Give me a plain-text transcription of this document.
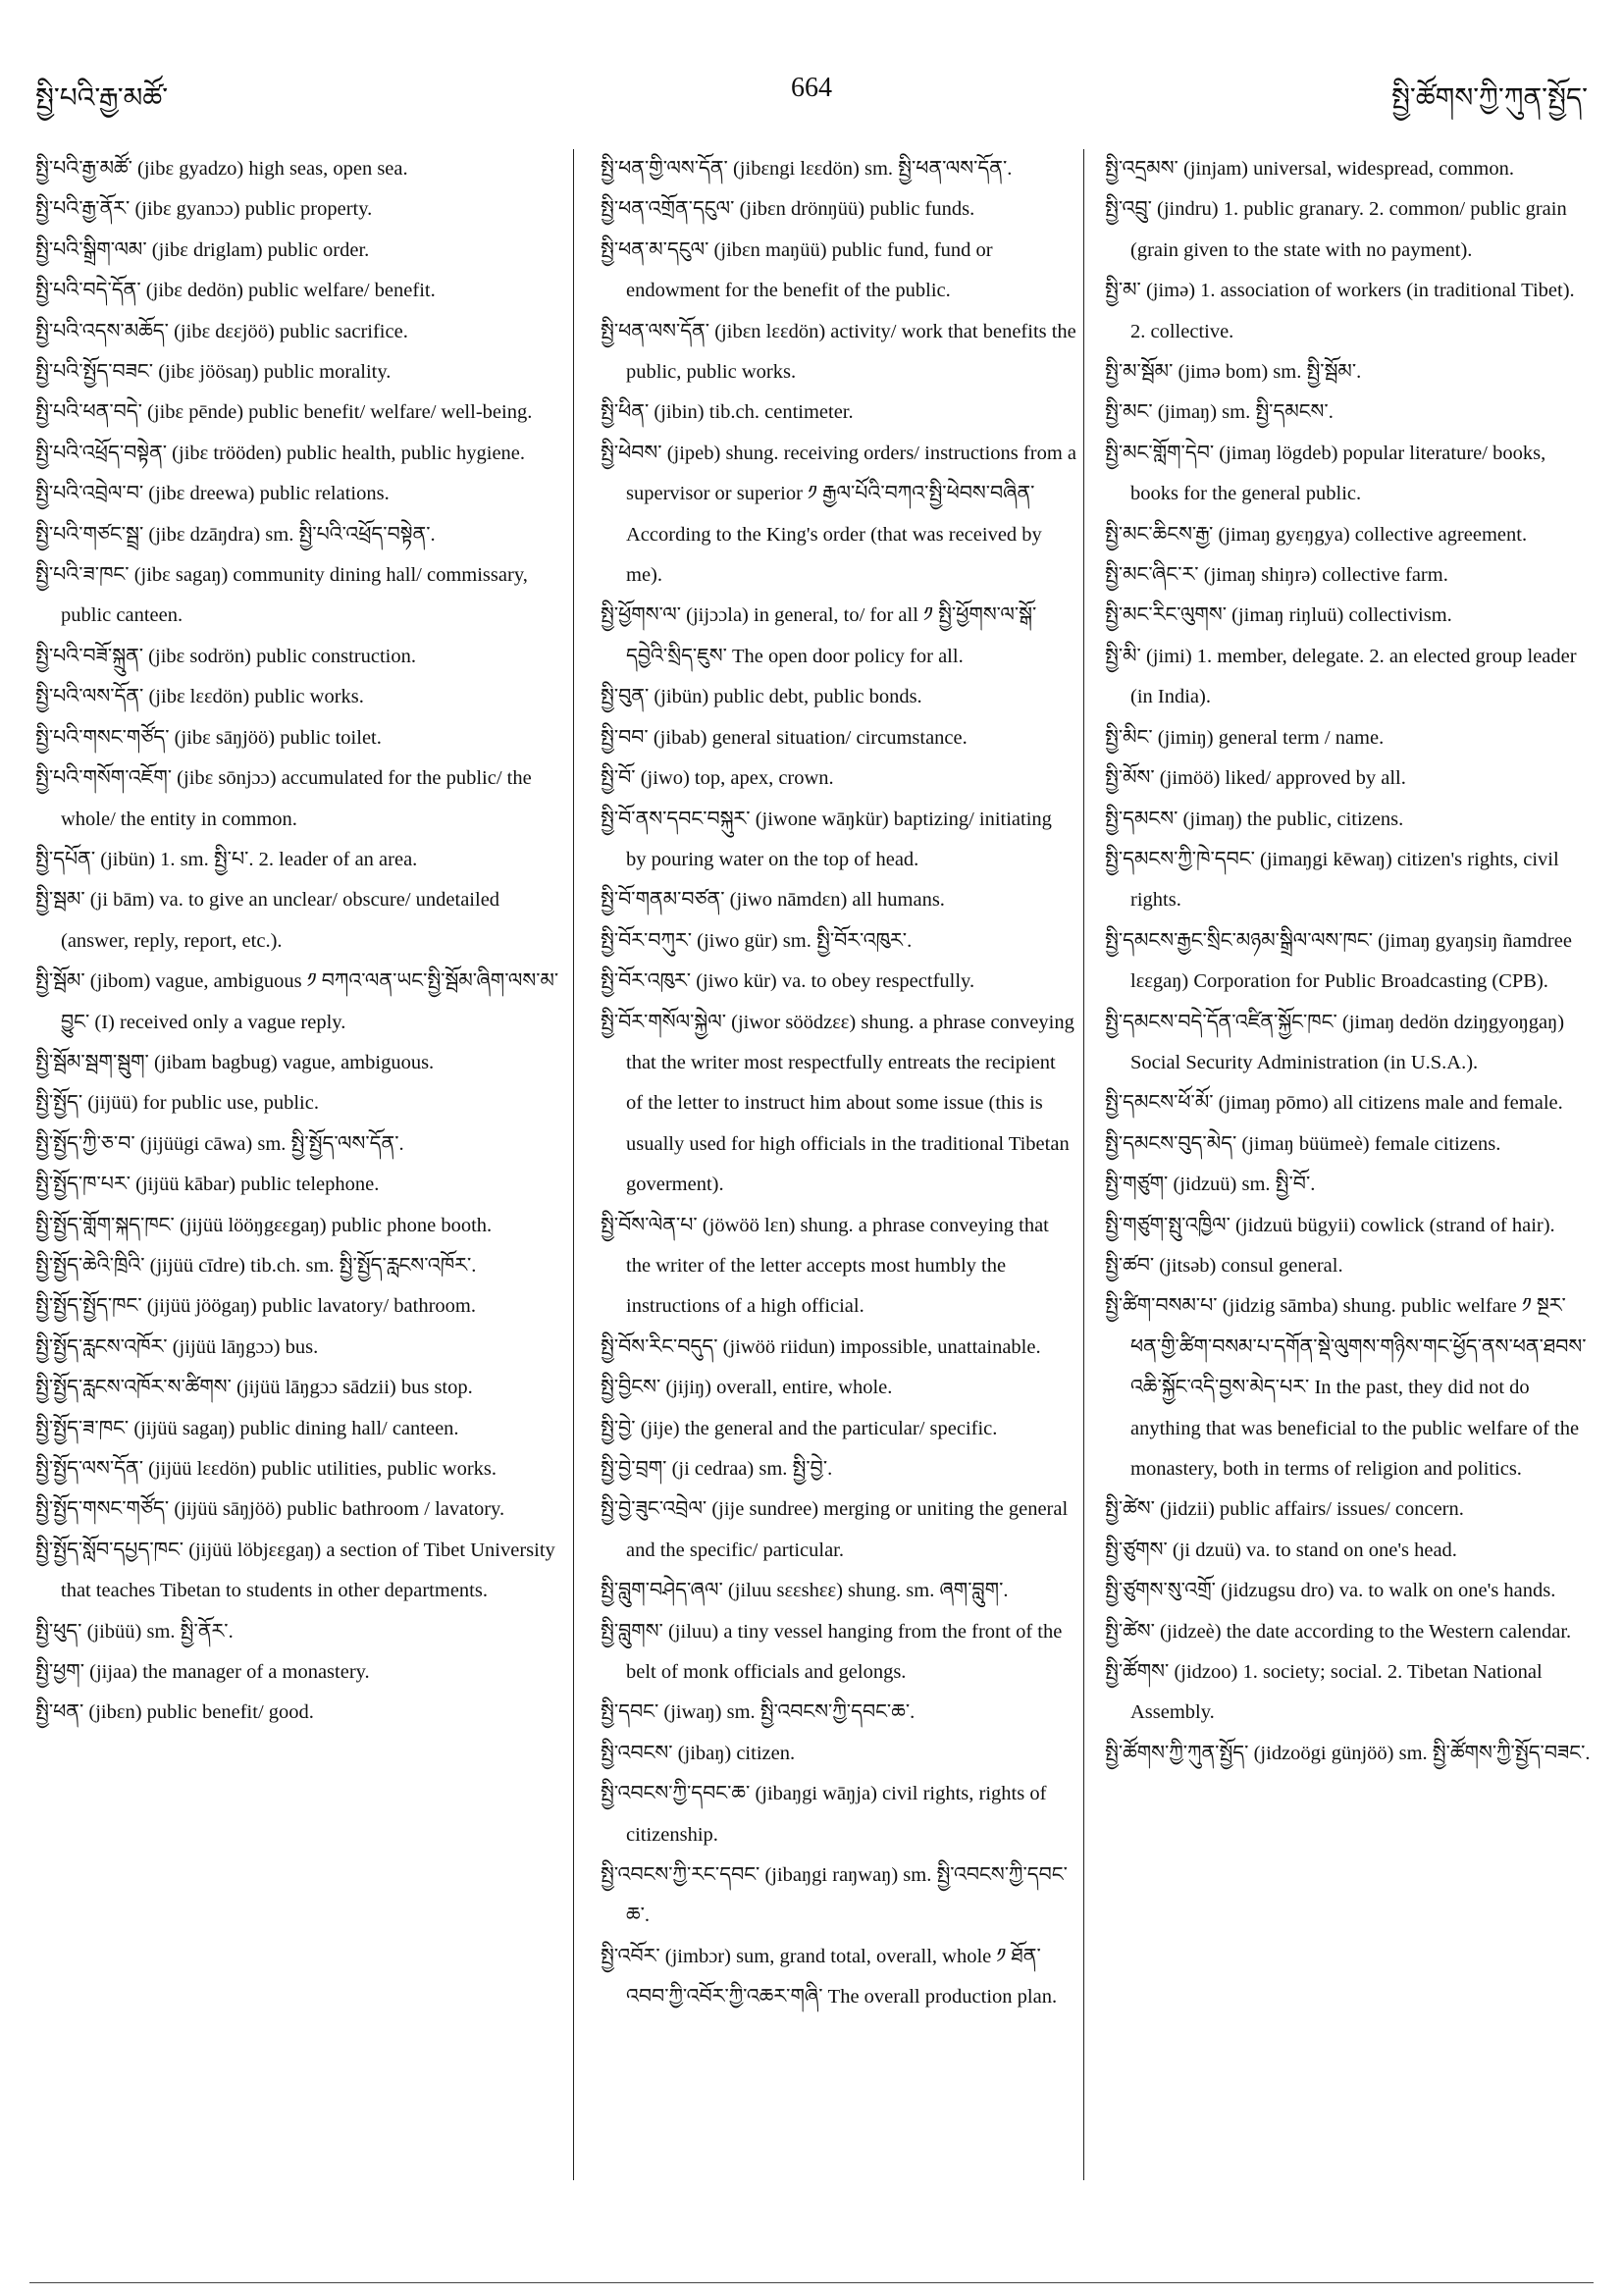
སྤྱི་པའི་རྒྱ་མཚོ་	664	སྤྱི་ཚོགས་ཀྱི་ཀུན་སྤྱོད་

སྤྱི་པའི་རྒྱ་མཚོ་ (jibɛ gyadzo) high seas, open sea.

སྤྱི་པའི་རྒྱ་ནོར་ (jibɛ gyanɔɔ) public property.

སྤྱི་པའི་སྒྲིག་ལམ་ (jibɛ driglam) public order.

སྤྱི་པའི་བདེ་དོན་ (jibɛ dedön) public welfare/ benefit.

སྤྱི་པའི་འདས་མཆོད་ (jibɛ dɛɛjöö) public sacrifice.

སྤྱི་པའི་སྤྱོད་བཟང་ (jibɛ jöösaŋ) public morality.

སྤྱི་པའི་ཕན་བདེ་ (jibɛ pēnde) public benefit/ welfare/ well-being.

སྤྱི་པའི་འཕྲོད་བསྟེན་ (jibɛ trööden) public health, public hygiene.

སྤྱི་པའི་འབྲེལ་བ་ (jibɛ dreewa) public relations.

སྤྱི་པའི་གཙང་སྦྲ་ (jibɛ dzāŋdra) sm. སྤྱི་པའི་འཕྲོད་བསྟེན་.

སྤྱི་པའི་ཟ་ཁང་ (jibɛ sagaŋ) community dining hall/ commissary, public canteen.

སྤྱི་པའི་བཟོ་སྐྲུན་ (jibɛ sodrön) public construction.

སྤྱི་པའི་ལས་དོན་ (jibɛ lɛɛdön) public works.

སྤྱི་པའི་གསང་གཙོད་ (jibɛ sāŋjöö) public toilet.

སྤྱི་པའི་གསོག་འཇོག་ (jibɛ sōnjɔɔ) accumulated for the public/ the whole/ the entity in common.

སྤྱི་དཔོན་ (jibün) 1. sm. སྤྱི་པ་. 2. leader of an area.

སྤྱི་སྦམ་ (ji bām) va. to give an unclear/ obscure/ undetailed (answer, reply, report, etc.).

སྤྱི་སྦོམ་ (jibom) vague, ambiguous ༡ བཀའ་ལན་ཡང་སྤྱི་སྦོམ་ཞིག་ལས་མ་བྱུང་ (I) received only a vague reply.

སྤྱི་སྦོམ་སྦག་སྦུག་ (jibam bagbug) vague, ambiguous.

སྤྱི་སྤྱོད་ (jijüü) for public use, public.

སྤྱི་སྤྱོད་ཀྱི་ཅ་བ་ (jijüügi cāwa) sm. སྤྱི་སྤྱོད་ལས་དོན་.

སྤྱི་སྤྱོད་ཁ་པར་ (jijüü kābar) public telephone.

སྤྱི་སྤྱོད་གློག་སྐད་ཁང་ (jijüü lööŋgɛɛgaŋ) public phone booth.

སྤྱི་སྤྱོད་ཆེའི་ཁྲིའི་ (jijüü cīdre) tib.ch. sm. སྤྱི་སྤྱོད་རླངས་འཁོར་.

སྤྱི་སྤྱོད་སྤྱོད་ཁང་ (jijüü jöögaŋ) public lavatory/ bathroom.

སྤྱི་སྤྱོད་རླངས་འཁོར་ (jijüü lāŋgɔɔ) bus.

སྤྱི་སྤྱོད་རླངས་འཁོར་ས་ཚིགས་ (jijüü lāŋgɔɔ sādzii) bus stop.

སྤྱི་སྤྱོད་ཟ་ཁང་ (jijüü sagaŋ) public dining hall/ canteen.

སྤྱི་སྤྱོད་ལས་དོན་ (jijüü lɛɛdön) public utilities, public works.

སྤྱི་སྤྱོད་གསང་གཙོད་ (jijüü sāŋjöö) public bathroom / lavatory.

སྤྱི་སྤྱོད་སློབ་དཔྱད་ཁང་ (jijüü löbjɛɛgaŋ) a section of Tibet University that teaches Tibetan to students in other departments.

སྤྱི་ཕུད་ (jibüü) sm. སྤྱི་ནོར་.

སྤྱི་ཕྱག་ (jijaa) the manager of a monastery.

སྤྱི་ཕན་ (jibɛn) public benefit/ good.

སྤྱི་ཕན་གྱི་ལས་དོན་ (jibɛngi lɛɛdön) sm. སྤྱི་ཕན་ལས་དོན་.

སྤྱི་ཕན་འགྲོན་དངུལ་ (jibɛn drönŋüü) public funds.

སྤྱི་ཕན་མ་དངུལ་ (jibɛn maŋüü) public fund, fund or endowment for the benefit of the public.

སྤྱི་ཕན་ལས་དོན་ (jibɛn lɛɛdön) activity/ work that benefits the public, public works.

སྤྱི་ཕིན་ (jibin) tib.ch. centimeter.

སྤྱི་ཕེབས་ (jipeb) shung. receiving orders/ instructions from a supervisor or superior ༡ རྒྱལ་པོའི་བཀའ་སྤྱི་ཕེབས་བཞིན་ According to the King's order (that was received by me).

སྤྱི་ཕྱོགས་ལ་ (jijɔɔla) in general, to/ for all ༡ སྤྱི་ཕྱོགས་ལ་སྒོ་དབྱེའི་སྲིད་ཇུས་ The open door policy for all.

སྤྱི་བུན་ (jibün) public debt, public bonds.

སྤྱི་བབ་ (jibab) general situation/ circumstance.

སྤྱི་བོ་ (jiwo) top, apex, crown.

སྤྱི་བོ་ནས་དབང་བསྐུར་ (jiwone wāŋkür) baptizing/ initiating by pouring water on the top of head.

སྤྱི་བོ་གནམ་བཙན་ (jiwo nāmdɛn) all humans.

སྤྱི་བོར་བཀུར་ (jiwo gür) sm. སྤྱི་བོར་འཁུར་.

སྤྱི་བོར་འཁུར་ (jiwo kür) va. to obey respectfully.

སྤྱི་བོར་གསོལ་སྐྱེལ་ (jiwor söödzɛɛ) shung. a phrase conveying that the writer most respectfully entreats the recipient of the letter to instruct him about some issue (this is usually used for high officials in the traditional Tibetan goverment).

སྤྱི་བོས་ལེན་པ་ (jöwöö lɛn) shung. a phrase conveying that the writer of the letter accepts most humbly the instructions of a high official.

སྤྱི་བོས་རིང་བདུད་ (jiwöö riidun) impossible, unattainable.

སྤྱི་བྱིངས་ (jijiŋ) overall, entire, whole.

སྤྱི་བྱེ་ (jije) the general and the particular/ specific.

སྤྱི་བྱེ་བྲག་ (ji cedraa) sm. སྤྱི་བྱེ་.

སྤྱི་བྱེ་ཟུང་འབྲེལ་ (jije sundree) merging or uniting the general and the specific/ particular.

སྤྱི་བླུག་བཤེད་ཞལ་ (jiluu sɛɛshɛɛ) shung. sm. ཞག་བླུག་.

སྤྱི་བླུགས་ (jiluu) a tiny vessel hanging from the front of the belt of monk officials and gelongs.

སྤྱི་དབང་ (jiwaŋ) sm. སྤྱི་འབངས་ཀྱི་དབང་ཆ་.

སྤྱི་འབངས་ (jibaŋ) citizen.

སྤྱི་འབངས་ཀྱི་དབང་ཆ་ (jibaŋgi wāŋja) civil rights, rights of citizenship.

སྤྱི་འབངས་ཀྱི་རང་དབང་ (jibaŋgi raŋwaŋ) sm. སྤྱི་འབངས་ཀྱི་དབང་ཆ་.

སྤྱི་འབོར་ (jimbɔr) sum, grand total, overall, whole ༡ ཐོན་འབབ་ཀྱི་འབོར་ཀྱི་འཆར་གཞི་ The overall production plan.

སྤྱི་འདྲམས་ (jinjam) universal, widespread, common.

སྤྱི་འབྲུ་ (jindru) 1. public granary. 2. common/ public grain (grain given to the state with no payment).

སྤྱི་མ་ (jimə) 1. association of workers (in traditional Tibet). 2. collective.

སྤྱི་མ་སྦོམ་ (jimə bom) sm. སྤྱི་སྦོམ་.

སྤྱི་མང་ (jimaŋ) sm. སྤྱི་དམངས་.

སྤྱི་མང་གློག་དེབ་ (jimaŋ lögdeb) popular literature/ books, books for the general public.

སྤྱི་མང་ཆིངས་རྒྱ་ (jimaŋ gyɛŋgya) collective agreement.

སྤྱི་མང་ཞིང་ར་ (jimaŋ shiŋrə) collective farm.

སྤྱི་མང་རིང་ལུགས་ (jimaŋ riŋluü) collectivism.

སྤྱི་མི་ (jimi) 1. member, delegate. 2. an elected group leader (in India).

སྤྱི་མིང་ (jimiŋ) general term / name.

སྤྱི་མོས་ (jimöö) liked/ approved by all.

སྤྱི་དམངས་ (jimaŋ) the public, citizens.

སྤྱི་དམངས་ཀྱི་ཁེ་དབང་ (jimaŋgi kēwaŋ) citizen's rights, civil rights.

སྤྱི་དམངས་རྒྱང་སྲིང་མཉམ་སྒྲིལ་ལས་ཁང་ (jimaŋ gyaŋsiŋ ñamdree lɛɛgaŋ) Corporation for Public Broadcasting (CPB).

སྤྱི་དམངས་བདེ་དོན་འཛིན་སྐྱོང་ཁང་ (jimaŋ dedön dziŋgyoŋgaŋ) Social Security Administration (in U.S.A.).

སྤྱི་དམངས་ཕོ་མོ་ (jimaŋ pōmo) all citizens male and female.

སྤྱི་དམངས་བུད་མེད་ (jimaŋ büümeè) female citizens.

སྤྱི་གཙུག་ (jidzuü) sm. སྤྱི་བོ་.

སྤྱི་གཙུག་སྤུ་འཁྱིལ་ (jidzuü bügyii) cowlick (strand of hair).

སྤྱི་ཚབ་ (jitsəb) consul general.

སྤྱི་ཚིག་བསམ་པ་ (jidzig sāmba) shung. public welfare ༡ སྔར་ཕན་གྱི་ཚིག་བསམ་པ་དགོན་སྡེ་ལུགས་གཉིས་གང་ཕྱོད་ནས་ཕན་ཐབས་འཆི་སྐྱོང་འདི་བྱས་མེད་པར་ In the past, they did not do anything that was beneficial to the public welfare of the monastery, both in terms of religion and politics.

སྤྱི་ཚེས་ (jidzii) public affairs/ issues/ concern.

སྤྱི་ཙུགས་ (ji dzuü) va. to stand on one's head.

སྤྱི་ཙུགས་སུ་འགྲོ་ (jidzugsu dro) va. to walk on one's hands.

སྤྱི་ཚེས་ (jidzeè) the date according to the Western calendar.

སྤྱི་ཚོགས་ (jidzoo) 1. society; social. 2. Tibetan National Assembly.

སྤྱི་ཚོགས་ཀྱི་ཀུན་སྤྱོད་ (jidzoögi günjöö) sm. སྤྱི་ཚོགས་ཀྱི་སྤྱོད་བཟང་.
